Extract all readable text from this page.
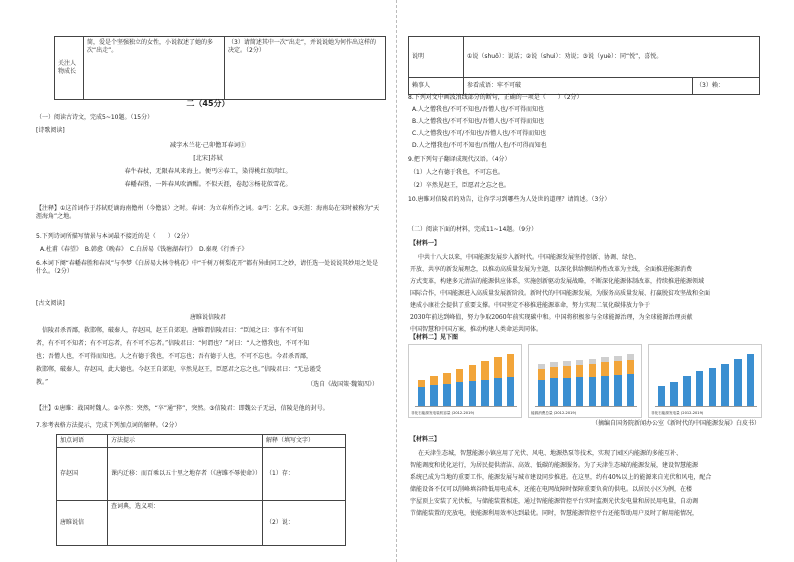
关注人物成长	简，爱是个坚强独立的女性，小说叙述了她的多次“出走”。	（3）请简述其中一次“出走”，并说说她为何作出这样的决定。（2分）
二（45分）
（一）阅读古诗文，完成5~10题。（15分）
[诗歌阅读]
减字木兰花·己卯儋耳春词①
[北宋]苏轼
春牛春杖，无限春风来海上。便丐②春工，染得桃红似肉红。
春幡春胜，一阵春风吹酒醒。不似天涯，卷起③杨花似雪花。
【注释】①这首词作于苏轼贬谪海南儋州（今儋县）之时。春词：为立春所作之词。②丐：乞求。③天涯：海南岛在宋时被称为“天涯海角”之地。
5.下列诗词所描写情景与本词最不接近的是（　　）（2分）
A.杜甫《春望》　B.韩愈《晚春》　C.白居易《钱塘湖春行》　D.秦观《行香子》
6.本词下阕“春幡春胜和春风”与李梦《白居易大林寺桃花》中“千树万树梨花开”都有异曲同工之妙，请任选一处说说其妙用之处是什么。（2分）
[古文阅读]
唐睢说信陵君
信陵君杀晋鄙，救邯郸，破秦人，存赵国，赵王自郊迎。唐睢谓信陵君曰：“臣闻之曰：事有不可知
者，有不可不知者；有不可忘者，有不可不忘者。”信陵君曰：“何谓也？”对曰：“人之憎我也，不可不知
也；吾憎人也，不可得而知也。人之有德于我也，不可忘也；吾有德于人也，不可不忘也。今君杀晋鄙，
救邯郸，破秦人，存赵国，此大德也。今赵王自郊迎，卒然见赵王，臣愿君之忘之也。”信陵君曰：“无忌谨受
教。”	（选自《战国策·魏策四》）
【注】①唐睢：战国时魏人。②卒然：突然，“卒”通“猝”，突然。③信陵君：即魏公子无忌，信陵是他的封号。
7.参考表格方法提示，完成下列加点词的解释。（2分）
加点词语	方法提示	解释（填写文字）
存赵国	课内迁移：而百乘以五十里之地存者（《唐雎不辱使命》）	（1）存：
唐睢说信	查词典，选义项：	（2）说：
说明	①说（shuō）：说话；②说（shuì）：劝说；③说（yuè）：同“悦”，喜悦。	
赖事人	参看成语：牢不可破	（3）赖：
8.下列对文中画波浪线部分的断句，正确的一项是（　　）（2分）
A.人之憎我也/不可不知也/吾憎人也/不可得而知也
B.人之憎我也/不可不知也/吾憎人也/不可得而知也
C.人之憎我也/不可/不知也/吾憎人也/不可得而知也
D.人之憎我也/不可不知也/吾憎/人也/不可得而知也
9.把下列句子翻译成现代汉语。（4分）
（1）人之有德于我也，不可忘也。
（2）卒然见赵王，臣愿君之忘之也。
10.唐睢对信陵君的劝告，让你学习到哪些为人处世的道理？请简述。（3分）
（二）阅读下面的材料，完成11~14题。（9分）
【材料一】
中共十八大以来，中国能源发展步入新时代。中国能源发展坚持创新、协调、绿色、
开放、共享的新发展理念，以推动高质量发展为主题，以深化供给侧结构性改革为主线，全面推进能源消费
方式变革，构建多元清洁的能源供应体系，实施创新驱动发展战略，不断深化能源体制改革，持续推进能源领域
国际合作，中国能源进入高质量发展新阶段。新时代的中国能源发展，为服务高质量发展、打赢脱贫攻坚战和全面
建成小康社会提供了重要支撑。中国坚定不移推进能源革命，努力实现二氧化碳排放力争于
2030年前达到峰值，努力争取2060年前实现碳中和。中国将积极参与全球能源治理，为全球能源治理贡献
中国智慧和中国方案，推动构建人类命运共同体。
【材料二】见下图
非化石能源发电装机容量 (2012-2019)	能源消费总量 (2012-2019)	非化石能源发电量 (2012-2019)
（摘编自国务院新闻办公室《新时代的中国能源发展》白皮书）
【材料三】
在天津生态城，智慧能源小镇应用了光伏、风电、地源热泵等技术，实现了园区内能源的多能互补、
智能调度和优化运行，为居民提供清洁、高效、低碳的能源服务。为了天津生态城的能源发展，建设智慧能源
系统已成为当地的重要工作，能源发展与城市建设同步推进。在这里，约有40%以上的能源来自光伏和风电，配合
储能设备不仅可以削峰填谷降低用电成本，还能在电网故障时保障重要负荷的供电。以居民小区为例，在楼
宇屋顶上安装了光伏板，与储能装置相连，通过智能能源管控平台实时监测光伏发电量和居民用电量，自动调
节储能装置的充放电，使能源利用效率达到最优。同时，智慧能源管控平台还能帮助用户及时了解用能情况，
